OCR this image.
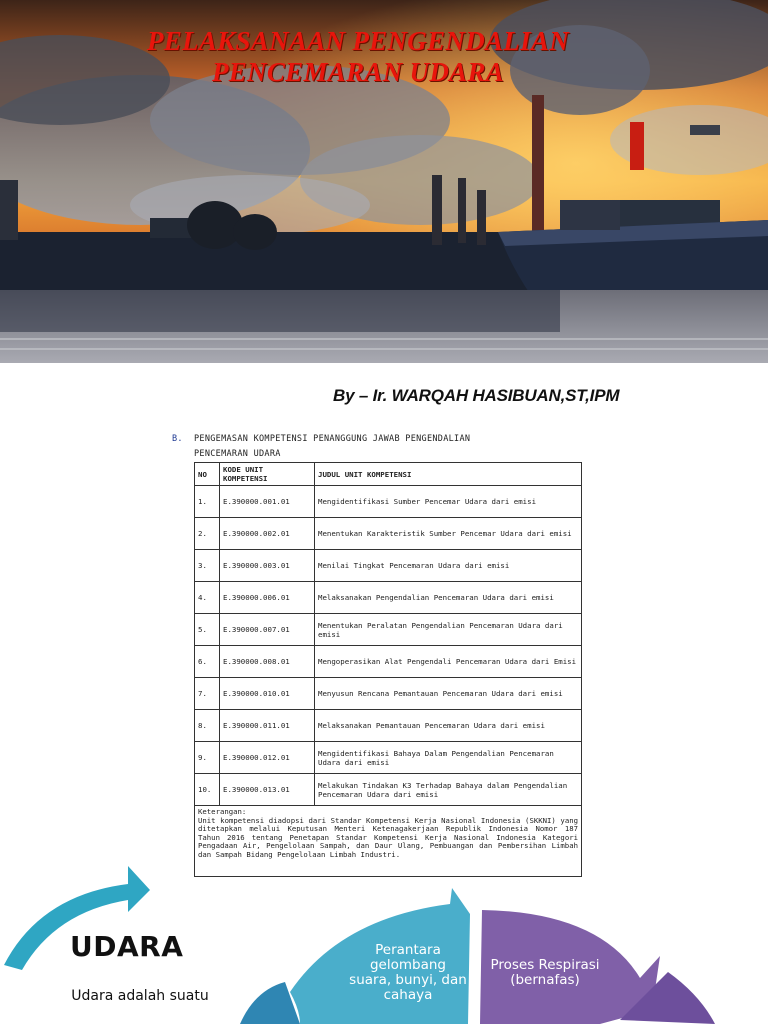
PELAKSANAAN PENGENDALIAN
PENCEMARAN UDARA
By – Ir. WARQAH HASIBUAN,ST,IPM
B. PENGEMASAN KOMPETENSI PENANGGUNG JAWAB PENGENDALIAN
PENCEMARAN UDARA
NO	KODE UNIT KOMPETENSI	JUDUL UNIT KOMPETENSI
1.	E.390000.001.01	Mengidentifikasi Sumber Pencemar Udara dari emisi
2.	E.390000.002.01	Menentukan Karakteristik Sumber Pencemar Udara dari emisi
3.	E.390000.003.01	Menilai Tingkat Pencemaran Udara dari emisi
4.	E.390000.006.01	Melaksanakan Pengendalian Pencemaran Udara dari emisi
5.	E.390000.007.01	Menentukan Peralatan Pengendalian Pencemaran Udara dari emisi
6.	E.390000.008.01	Mengoperasikan Alat Pengendali Pencemaran Udara dari Emisi
7.	E.390000.010.01	Menyusun Rencana Pemantauan Pencemaran Udara dari emisi
8.	E.390000.011.01	Melaksanakan Pemantauan Pencemaran Udara dari emisi
9.	E.390000.012.01	Mengidentifikasi Bahaya Dalam Pengendalian Pencemaran Udara dari emisi
10.	E.390000.013.01	Melakukan Tindakan K3 Terhadap Bahaya dalam Pengendalian Pencemaran Udara dari emisi

Keterangan:
Unit kompetensi diadopsi dari Standar Kompetensi Kerja Nasional Indonesia (SKKNI) yang ditetapkan melalui Keputusan Menteri Ketenagakerjaan Republik Indonesia Nomor 187 Tahun 2016 tentang Penetapan Standar Kompetensi Kerja Nasional Indonesia Kategori Pengadaan Air, Pengelolaan Sampah, dan Daur Ulang, Pembuangan dan Pembersihan Limbah dan Sampah Bidang Pengelolaan Limbah Industri.		
UDARA
Udara adalah suatu
Perantara gelombang suara, bunyi, dan cahaya
Proses Respirasi (bernafas)
